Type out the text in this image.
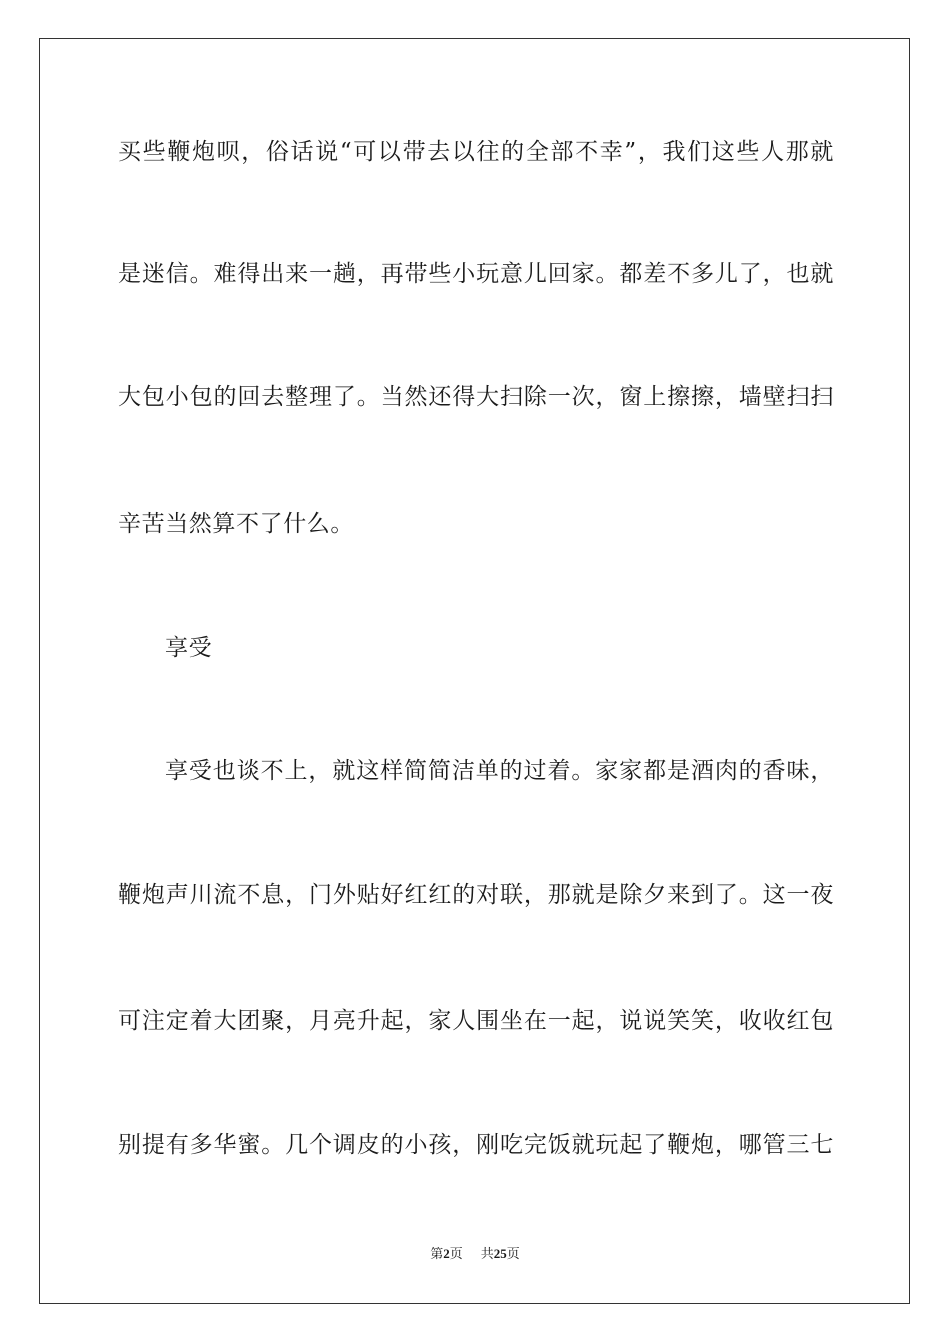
买些鞭炮呗，俗话说“可以带去以往的全部不幸”，我们这些人那就
是迷信。难得出来一趟，再带些小玩意儿回家。都差不多儿了，也就
大包小包的回去整理了。当然还得大扫除一次，窗上擦擦，墙壁扫扫
辛苦当然算不了什么。
享受
享受也谈不上，就这样简简洁单的过着。家家都是酒肉的香味，
鞭炮声川流不息，门外贴好红红的对联，那就是除夕来到了。这一夜
可注定着大团聚，月亮升起，家人围坐在一起，说说笑笑，收收红包
别提有多华蜜。几个调皮的小孩，刚吃完饭就玩起了鞭炮，哪管三七
第2页 共25页
